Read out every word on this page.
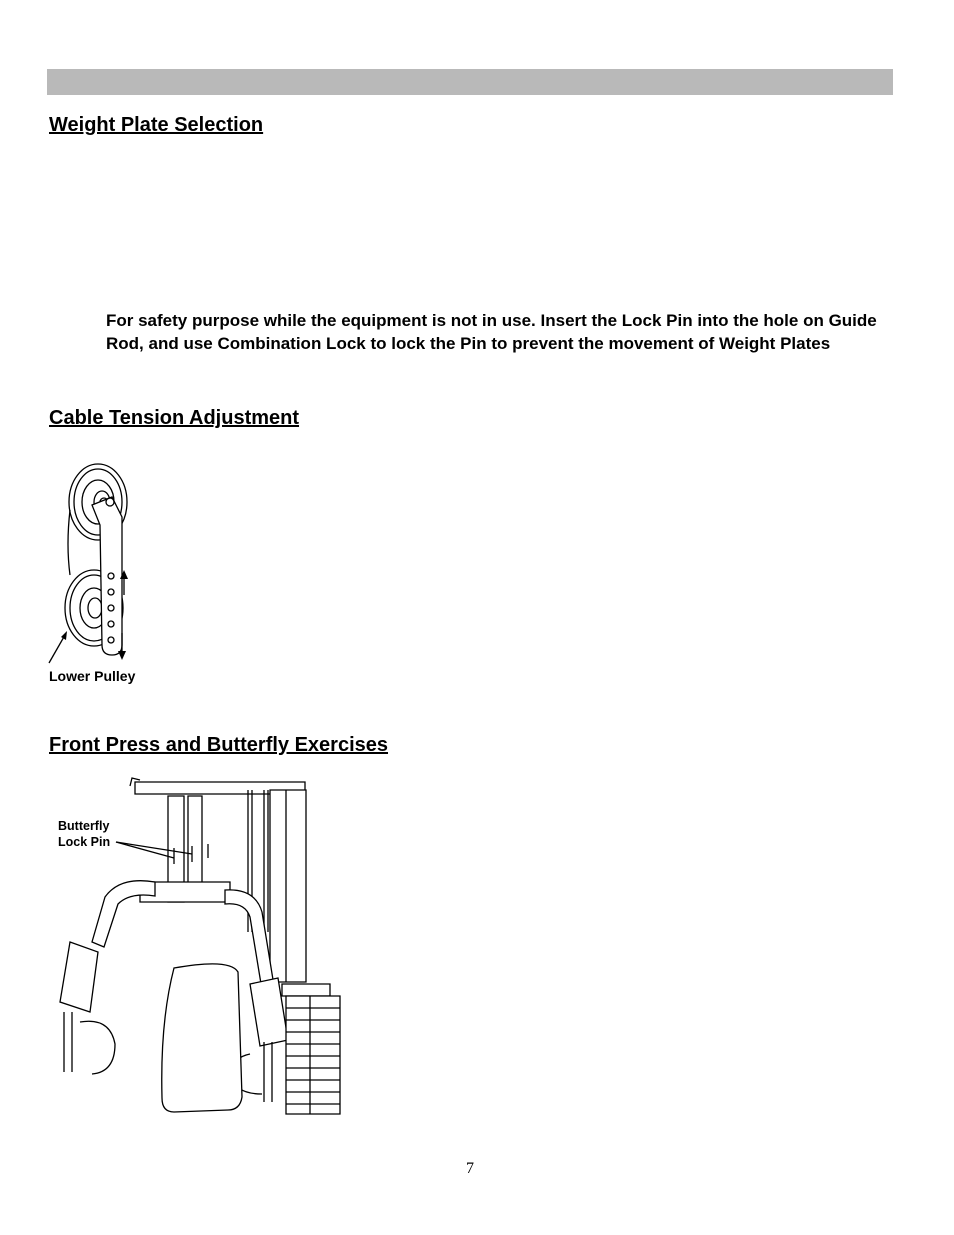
Weight Plate Selection

For safety purpose while the equipment is not in use. Insert the Lock Pin into the hole on Guide Rod, and use Combination Lock to lock the Pin to prevent the movement of Weight Plates

Cable Tension Adjustment
Lower Pulley
Front Press and Butterfly Exercises
Butterfly
Lock Pin
7
